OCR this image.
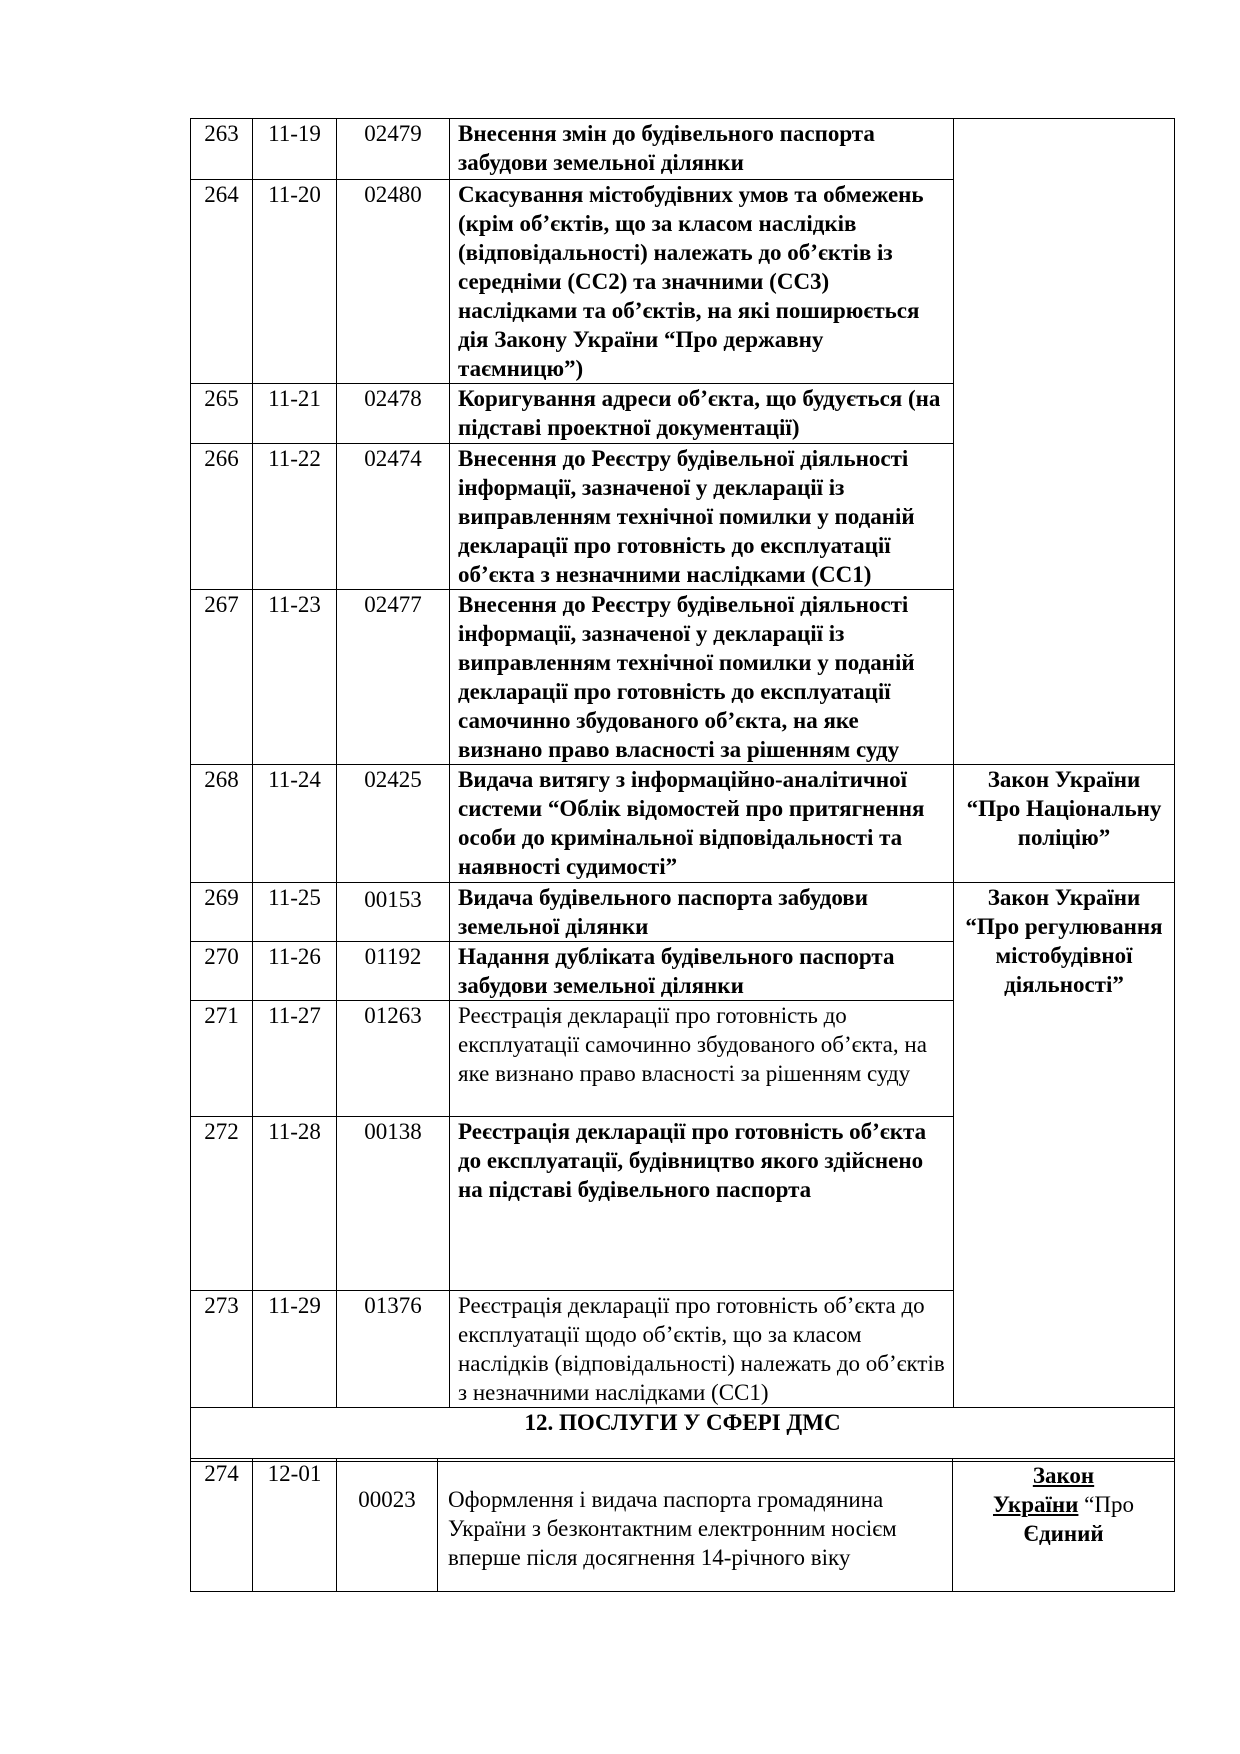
263	11-19	02479	Внесення змін до будівельного паспорта забудови земельної ділянки	
264	11-20	02480	Скасування містобудівних умов та обмежень (крім об’єктів, що за класом наслідків (відповідальності) належать до об’єктів із середніми (СС2) та значними (СС3) наслідками та об’єктів, на які поширюється дія Закону України “Про державну таємницю”)	
265	11-21	02478	Коригування адреси об’єкта, що будується (на підставі проектної документації)	
266	11-22	02474	Внесення до Реєстру будівельної діяльності інформації, зазначеної у декларації із виправленням технічної помилки у поданій декларації про готовність до експлуатації об’єкта з незначними наслідками (СС1)	
267	11-23	02477	Внесення до Реєстру будівельної діяльності інформації, зазначеної у декларації із виправленням технічної помилки у поданій декларації про готовність до експлуатації самочинно збудованого об’єкта, на яке визнано право власності за рішенням суду	
268	11-24	02425	Видача витягу з інформаційно-аналітичної системи “Облік відомостей про притягнення особи до кримінальної відповідальності та наявності судимості”	Закон України “Про Національну поліцію”
269	11-25	00153	Видача будівельного паспорта забудови земельної ділянки	Закон України “Про регулювання містобудівної діяльності”
270	11-26	01192	Надання дубліката будівельного паспорта забудови земельної ділянки	
271	11-27	01263	Реєстрація декларації про готовність до експлуатації самочинно збудованого об’єкта, на яке визнано право власності за рішенням суду	
272	11-28	00138	Реєстрація декларації про готовність об’єкта до експлуатації, будівництво якого здійснено на підставі будівельного паспорта	
273	11-29	01376	Реєстрація декларації про готовність об’єкта до експлуатації щодо об’єктів, що за класом наслідків (відповідальності) належать до об’єктів з незначними наслідками (СС1)	
12. ПОСЛУГИ У СФЕРІ ДМС				
274	12-01	00023	Оформлення і видача паспорта громадянина України з безконтактним електронним носієм вперше після досягнення 14-річного віку	Закон
України “Про
Єдиний
